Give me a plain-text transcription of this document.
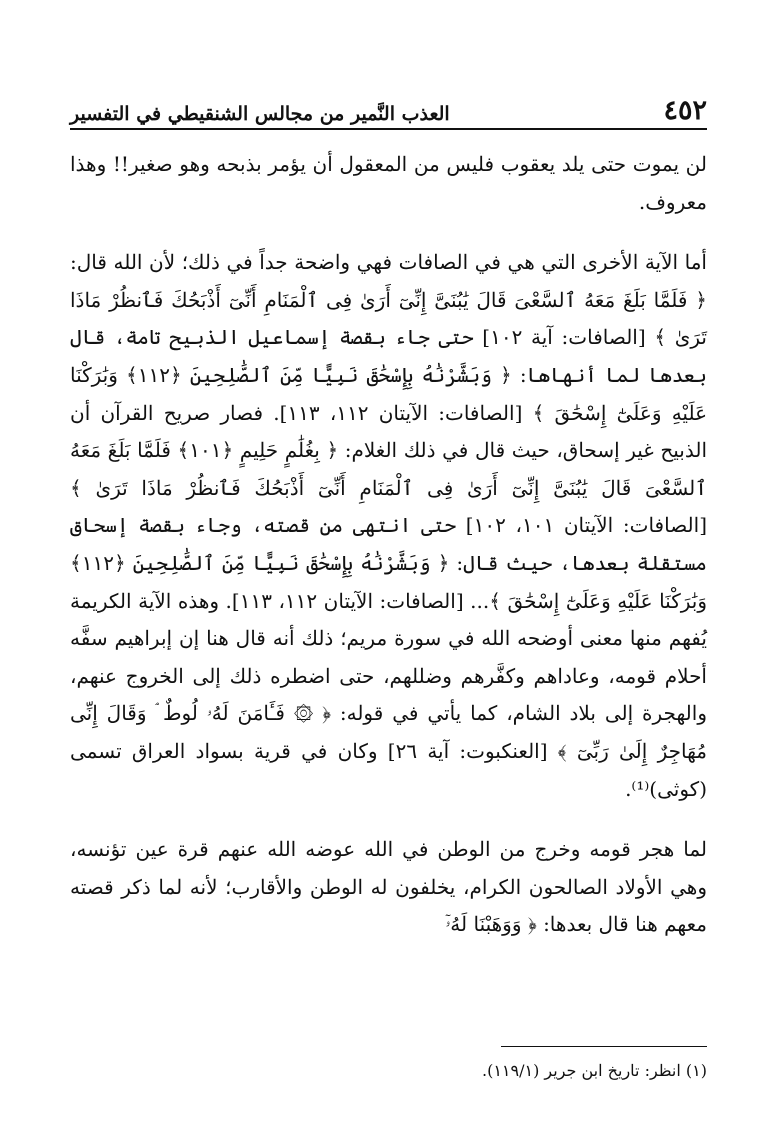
٤٥٢
العذب النَّمير من مجالس الشنقيطي في التفسير

لن يموت حتى يلد يعقوب فليس من المعقول أن يؤمر بذبحه وهو صغير!! وهذا معروف.

أما الآية الأخرى التي هي في الصافات فهي واضحة جداً في ذلك؛ لأن الله قال: ﴿ فَلَمَّا بَلَغَ مَعَهُ ٱلسَّعْىَ قَالَ يَٰبُنَىَّ إِنِّىٓ أَرَىٰ فِى ٱلْمَنَامِ أَنِّىٓ أَذْبَحُكَ فَٱنظُرْ مَاذَا تَرَىٰ ﴾ [الصافات: آية ١٠٢] حتى جاء بقصة إسماعيل الذبيح تامة، قال بعدها لما أنهاها: ﴿ وَبَشَّرْنَٰهُ بِإِسْحَٰقَ نَبِيًّا مِّنَ ٱلصَّٰلِحِينَ ﴿١١٢﴾ وَبَٰرَكْنَا عَلَيْهِ وَعَلَىٰٓ إِسْحَٰقَ ﴾ [الصافات: الآيتان ١١٢، ١١٣]. فصار صريح القرآن أن الذبيح غير إسحاق، حيث قال في ذلك الغلام: ﴿ بِغُلَٰمٍ حَلِيمٍ ﴿١٠١﴾ فَلَمَّا بَلَغَ مَعَهُ ٱلسَّعْىَ قَالَ يَٰبُنَىَّ إِنِّىٓ أَرَىٰ فِى ٱلْمَنَامِ أَنِّىٓ أَذْبَحُكَ فَٱنظُرْ مَاذَا تَرَىٰ ﴾ [الصافات: الآيتان ١٠١، ١٠٢] حتى انتهى من قصته، وجاء بقصة إسحاق مستقلة بعدها، حيث قال: ﴿ وَبَشَّرْنَٰهُ بِإِسْحَٰقَ نَبِيًّا مِّنَ ٱلصَّٰلِحِينَ ﴿١١٢﴾ وَبَٰرَكْنَا عَلَيْهِ وَعَلَىٰٓ إِسْحَٰقَ ﴾... [الصافات: الآيتان ١١٢، ١١٣]. وهذه الآية الكريمة يُفهم منها معنى أوضحه الله في سورة مريم؛ ذلك أنه قال هنا إن إبراهيم سفَّه أحلام قومه، وعاداهم وكفَّرهم وضللهم، حتى اضطره ذلك إلى الخروج عنهم، والهجرة إلى بلاد الشام، كما يأتي في قوله: ﴿ ۞ فَـَٔامَنَ لَهُۥ لُوطٌ ۘ وَقَالَ إِنِّى مُهَاجِرٌ إِلَىٰ رَبِّىٓ ﴾ [العنكبوت: آية ٢٦] وكان في قرية بسواد العراق تسمى (كوثى)⁽¹⁾.

لما هجر قومه وخرج من الوطن في الله عوضه الله عنهم قرة عين تؤنسه، وهي الأولاد الصالحون الكرام، يخلفون له الوطن والأقارب؛ لأنه لما ذكر قصته معهم هنا قال بعدها: ﴿ وَوَهَبْنَا لَهُۥٓ

(١) انظر: تاريخ ابن جرير (١١٩/١).
